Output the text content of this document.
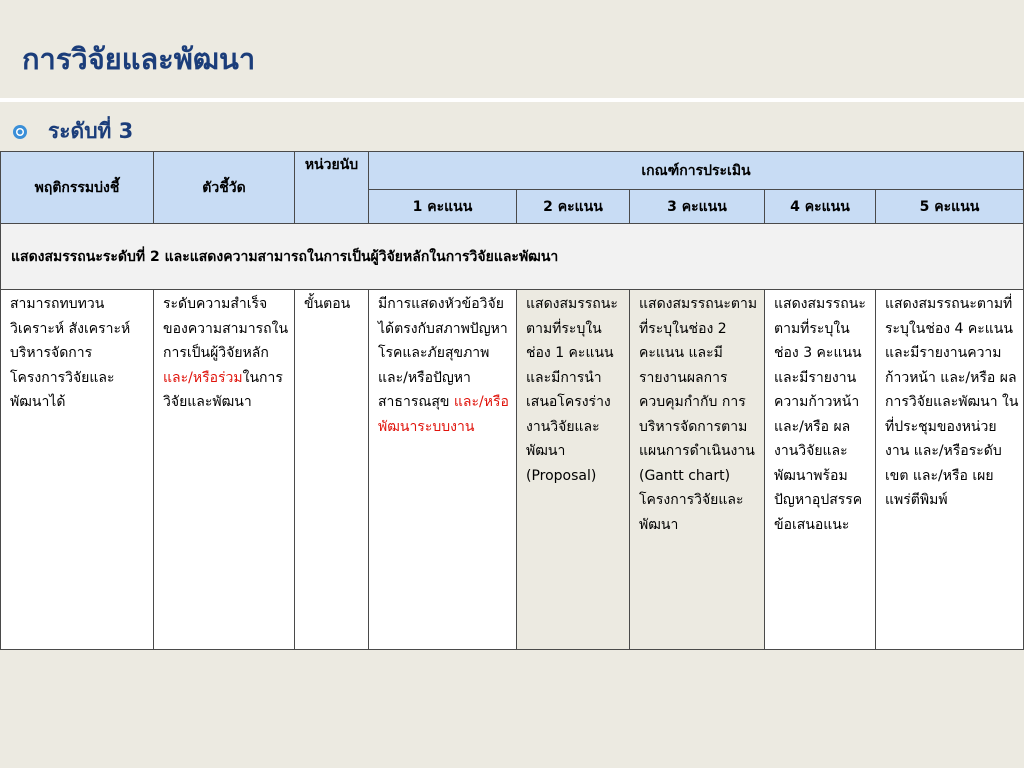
การวิจัยและพัฒนา
ระดับที่ 3
พฤติกรรมบ่งชี้	ตัวชี้วัด	หน่วยนับ	เกณฑ์การประเมิน				
			1 คะแนน	2 คะแนน	3 คะแนน	4 คะแนน	5 คะแนน
แสดงสมรรถนะระดับที่ 2 และแสดงความสามารถในการเป็นผู้วิจัยหลักในการวิจัยและพัฒนา							
สามารถทบทวน วิเคราะห์ สังเคราะห์ บริหารจัดการ โครงการวิจัยและพัฒนาได้	ระดับความสำเร็จของความสามารถในการเป็นผู้วิจัยหลัก และ/หรือร่วมในการวิจัยและพัฒนา	ขั้นตอน	มีการแสดงหัวข้อวิจัยได้ตรงกับสภาพปัญหาโรคและภัยสุขภาพ และ/หรือปัญหาสาธารณสุข และ/หรือพัฒนาระบบงาน	แสดงสมรรถนะตามที่ระบุในช่อง 1 คะแนน และมีการนำเสนอโครงร่างงานวิจัยและพัฒนา (Proposal)	แสดงสมรรถนะตามที่ระบุในช่อง 2 คะแนน และมีรายงานผลการควบคุมกำกับ การบริหารจัดการตามแผนการดำเนินงาน (Gantt chart) โครงการวิจัยและพัฒนา	แสดงสมรรถนะตามที่ระบุในช่อง 3 คะแนน และมีรายงานความก้าวหน้า และ/หรือ ผลงานวิจัยและพัฒนาพร้อมปัญหาอุปสรรค ข้อเสนอแนะ	แสดงสมรรถนะตามที่ระบุในช่อง 4 คะแนน และมีรายงานความก้าวหน้า และ/หรือ ผลการวิจัยและพัฒนา ในที่ประชุมของหน่วยงาน และ/หรือระดับเขต และ/หรือ เผยแพร่ตีพิมพ์
